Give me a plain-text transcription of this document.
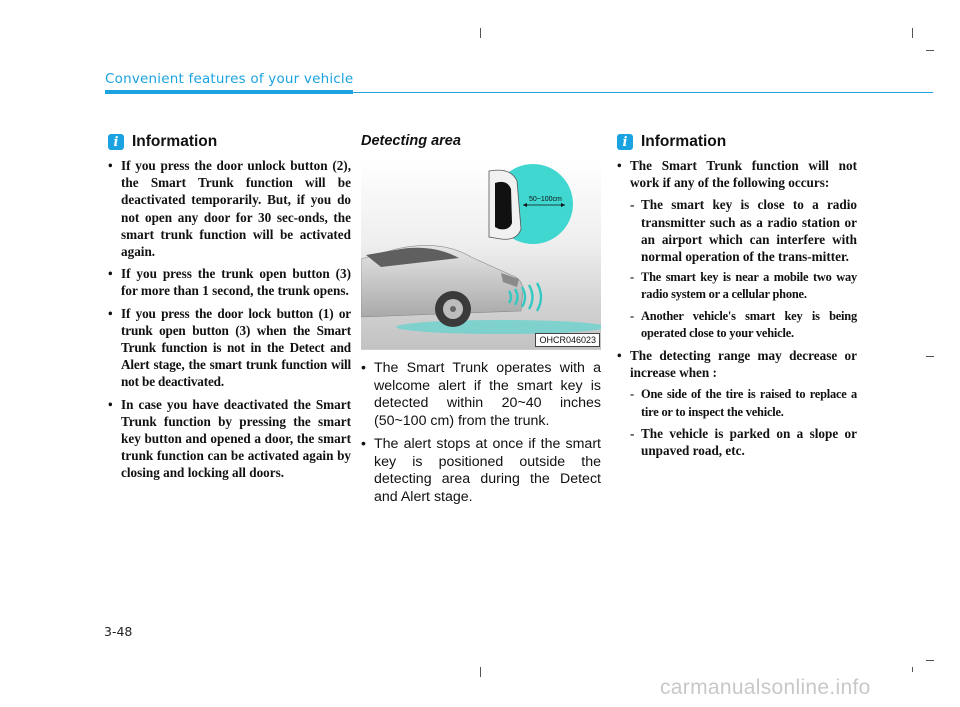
Convenient features of your vehicle
i Information
• If you press the door unlock button (2), the Smart Trunk function will be deactivated temporarily. But, if you do not open any door for 30 sec-onds, the smart trunk function will be activated again.
• If you press the trunk open button (3) for more than 1 second, the trunk opens.
• If you press the door lock button (1) or trunk open button (3) when the Smart Trunk function is not in the Detect and Alert stage, the smart trunk function will not be deactivated.
• In case you have deactivated the Smart Trunk function by pressing the smart key button and opened a door, the smart trunk function can be activated again by closing and locking all doors.
Detecting area
50~100cm
OHCR046023
• The Smart Trunk operates with a welcome alert if the smart key is detected within 20~40 inches (50~100 cm) from the trunk.
• The alert stops at once if the smart key is positioned outside the detecting area during the Detect and Alert stage.
i Information
• The Smart Trunk function will not work if any of the following occurs:
- The smart key is close to a radio transmitter such as a radio station or an airport which can interfere with normal operation of the trans-mitter.
- The smart key is near a mobile two way radio system or a cellular phone.
- Another vehicle's smart key is being operated close to your vehicle.
• The detecting range may decrease or increase when :
- One side of the tire is raised to replace a tire or to inspect the vehicle.
- The vehicle is parked on a slope or unpaved road, etc.
3-48
carmanualsonline.info
